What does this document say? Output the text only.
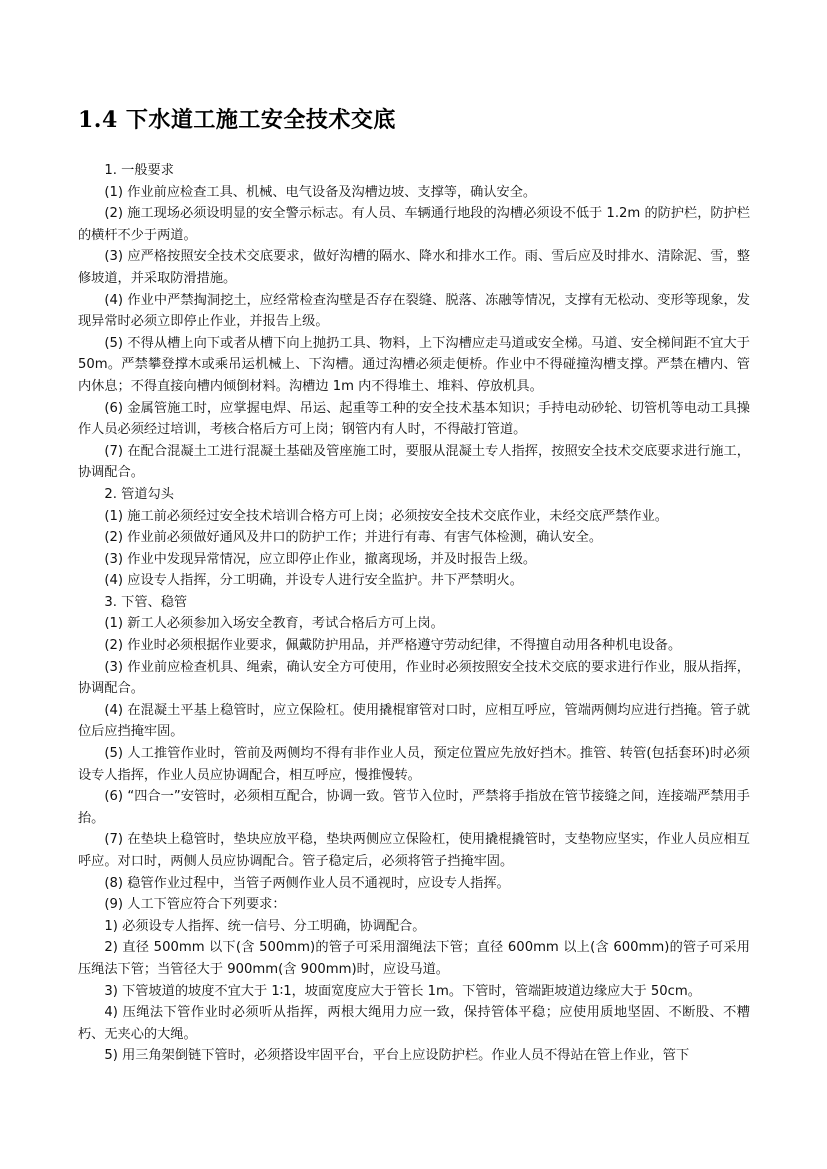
1.4 下水道工施工安全技术交底

1. 一般要求

(1) 作业前应检查工具、机械、电气设备及沟槽边坡、支撑等，确认安全。

(2) 施工现场必须设明显的安全警示标志。有人员、车辆通行地段的沟槽必须设不低于 1.2m 的防护栏，防护栏的横杆不少于两道。

(3) 应严格按照安全技术交底要求，做好沟槽的隔水、降水和排水工作。雨、雪后应及时排水、清除泥、雪，整修坡道，并采取防滑措施。

(4) 作业中严禁掏洞挖土，应经常检查沟壁是否存在裂缝、脱落、冻融等情况，支撑有无松动、变形等现象，发现异常时必须立即停止作业，并报告上级。

(5) 不得从槽上向下或者从槽下向上抛扔工具、物料，上下沟槽应走马道或安全梯。马道、安全梯间距不宜大于 50m。严禁攀登撑木或乘吊运机械上、下沟槽。通过沟槽必须走便桥。作业中不得碰撞沟槽支撑。严禁在槽内、管内休息；不得直接向槽内倾倒材料。沟槽边 1m 内不得堆土、堆料、停放机具。

(6) 金属管施工时，应掌握电焊、吊运、起重等工种的安全技术基本知识；手持电动砂轮、切管机等电动工具操作人员必须经过培训，考核合格后方可上岗；钢管内有人时，不得敲打管道。

(7) 在配合混凝土工进行混凝土基础及管座施工时，要服从混凝土专人指挥，按照安全技术交底要求进行施工，协调配合。

2. 管道勾头

(1) 施工前必须经过安全技术培训合格方可上岗；必须按安全技术交底作业，未经交底严禁作业。

(2) 作业前必须做好通风及井口的防护工作；并进行有毒、有害气体检测，确认安全。

(3) 作业中发现异常情况，应立即停止作业，撤离现场，并及时报告上级。

(4) 应设专人指挥，分工明确，并设专人进行安全监护。井下严禁明火。

3. 下管、稳管

(1) 新工人必须参加入场安全教育，考试合格后方可上岗。

(2) 作业时必须根据作业要求，佩戴防护用品，并严格遵守劳动纪律，不得擅自动用各种机电设备。

(3) 作业前应检查机具、绳索，确认安全方可使用，作业时必须按照安全技术交底的要求进行作业，服从指挥，协调配合。

(4) 在混凝土平基上稳管时，应立保险杠。使用撬棍窜管对口时，应相互呼应，管端两侧均应进行挡掩。管子就位后应挡掩牢固。

(5) 人工推管作业时，管前及两侧均不得有非作业人员，预定位置应先放好挡木。推管、转管(包括套环)时必须设专人指挥，作业人员应协调配合，相互呼应，慢推慢转。

(6) “四合一”安管时，必须相互配合，协调一致。管节入位时，严禁将手指放在管节接缝之间，连接端严禁用手抬。

(7) 在垫块上稳管时，垫块应放平稳，垫块两侧应立保险杠，使用撬棍撬管时，支垫物应坚实，作业人员应相互呼应。对口时，两侧人员应协调配合。管子稳定后，必须将管子挡掩牢固。

(8) 稳管作业过程中，当管子两侧作业人员不通视时，应设专人指挥。

(9) 人工下管应符合下列要求：

1) 必须设专人指挥、统一信号、分工明确，协调配合。

2) 直径 500mm 以下(含 500mm)的管子可采用溜绳法下管；直径 600mm 以上(含 600mm)的管子可采用压绳法下管；当管径大于 900mm(含 900mm)时，应设马道。

3) 下管坡道的坡度不宜大于 1∶1，坡面宽度应大于管长 1m。下管时，管端距坡道边缘应大于 50cm。

4) 压绳法下管作业时必须听从指挥，两根大绳用力应一致，保持管体平稳；应使用质地坚固、不断股、不糟朽、无夹心的大绳。

5) 用三角架倒链下管时，必须搭设牢固平台，平台上应设防护栏。作业人员不得站在管上作业，管下
